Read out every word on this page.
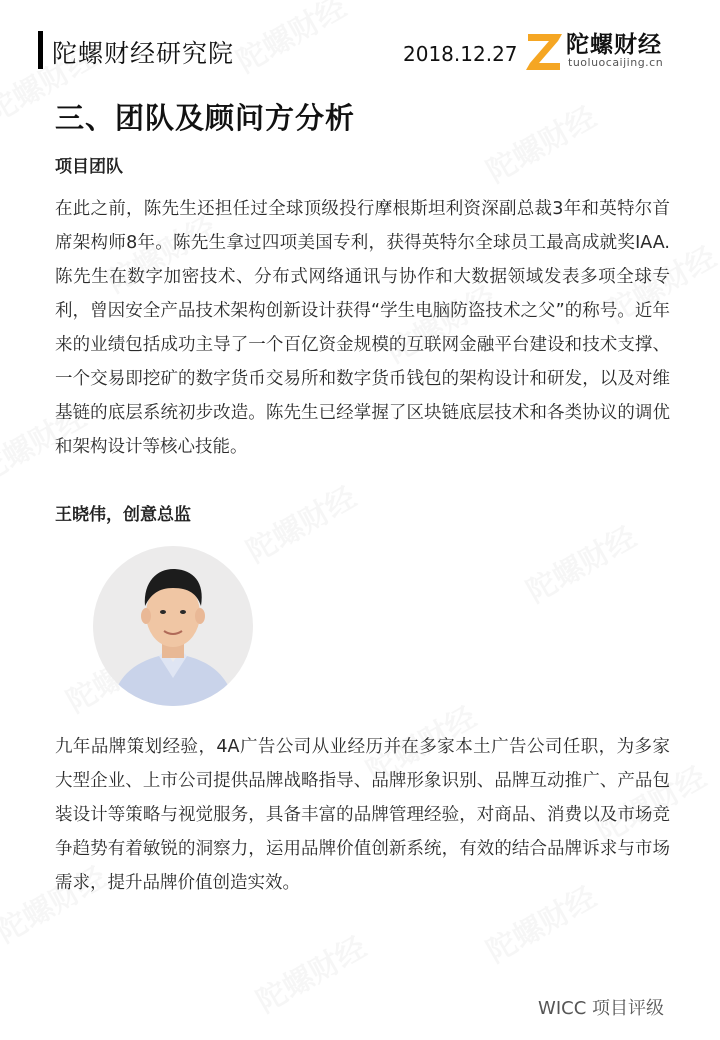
陀螺财经研究院	2018.12.27 陀螺财经
tuoluocaijing.cn
三、团队及顾问方分析
项目团队
在此之前，陈先生还担任过全球顶级投行摩根斯坦利资深副总裁3年和英特尔首席架构师8年。陈先生拿过四项美国专利，获得英特尔全球员工最高成就奖IAA. 陈先生在数字加密技术、分布式网络通讯与协作和大数据领域发表多项全球专利，曾因安全产品技术架构创新设计获得“学生电脑防盗技术之父”的称号。近年来的业绩包括成功主导了一个百亿资金规模的互联网金融平台建设和技术支撑、一个交易即挖矿的数字货币交易所和数字货币钱包的架构设计和研发，以及对维基链的底层系统初步改造。陈先生已经掌握了区块链底层技术和各类协议的调优和架构设计等核心技能。
王晓伟，创意总监
九年品牌策划经验，4A广告公司从业经历并在多家本土广告公司任职，为多家大型企业、上市公司提供品牌战略指导、品牌形象识别、品牌互动推广、产品包装设计等策略与视觉服务，具备丰富的品牌管理经验，对商品、消费以及市场竞争趋势有着敏锐的洞察力，运用品牌价值创新系统，有效的结合品牌诉求与市场需求，提升品牌价值创造实效。
WICC 项目评级
